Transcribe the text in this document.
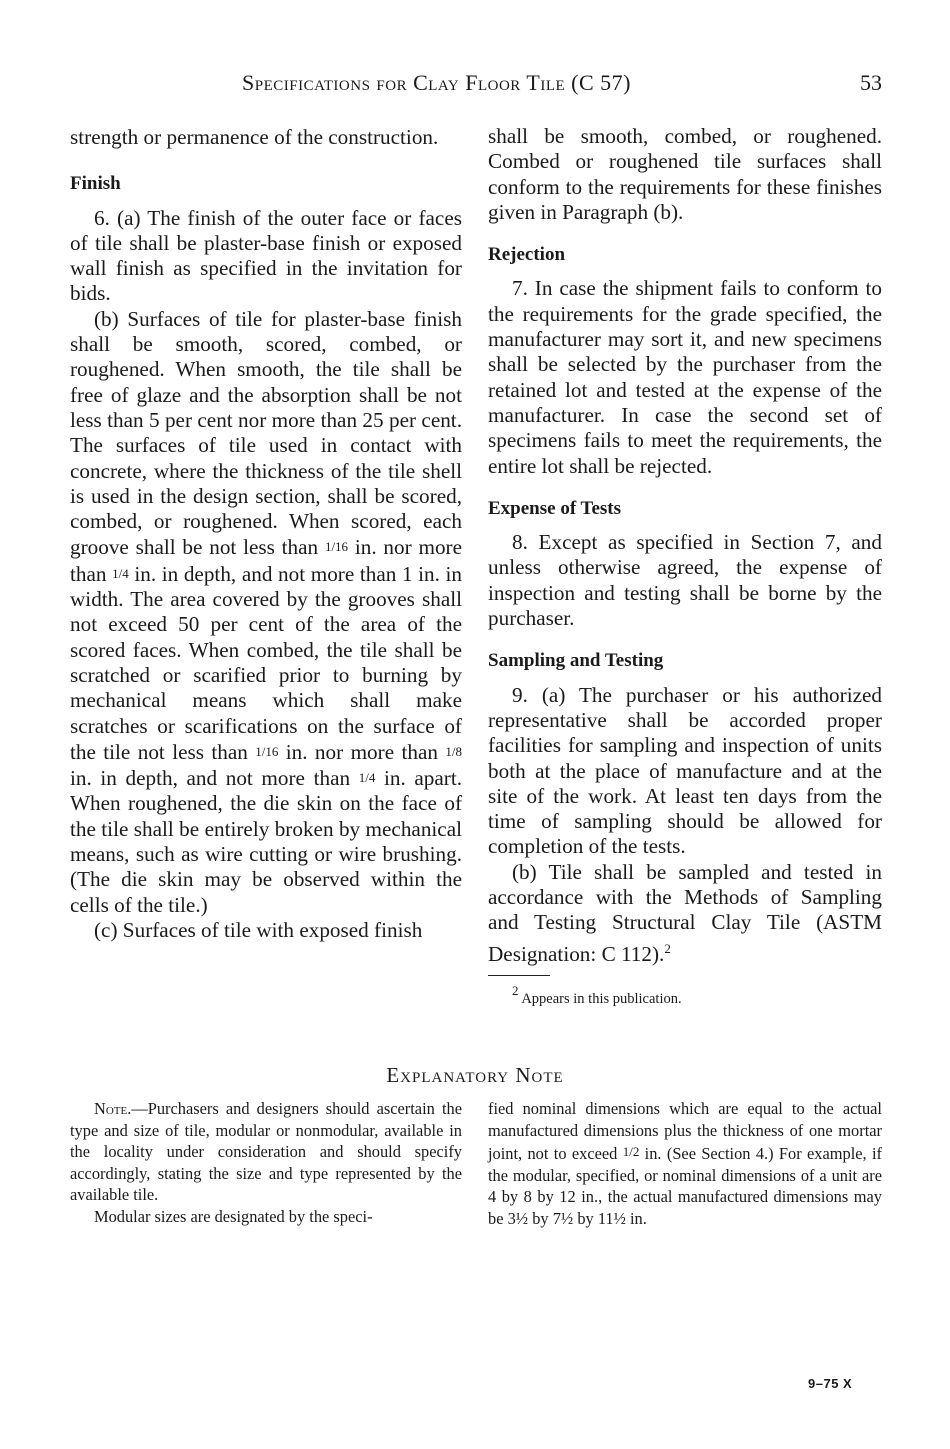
Specifications for Clay Floor Tile (C 57)	53

strength or permanence of the construction.

Finish

6. (a) The finish of the outer face or faces of tile shall be plaster-base finish or exposed wall finish as specified in the invitation for bids.

(b) Surfaces of tile for plaster-base finish shall be smooth, scored, combed, or roughened. When smooth, the tile shall be free of glaze and the absorption shall be not less than 5 per cent nor more than 25 per cent. The surfaces of tile used in contact with concrete, where the thickness of the tile shell is used in the design section, shall be scored, combed, or roughened. When scored, each groove shall be not less than 1/16 in. nor more than 1/4 in. in depth, and not more than 1 in. in width. The area covered by the grooves shall not exceed 50 per cent of the area of the scored faces. When combed, the tile shall be scratched or scarified prior to burning by mechanical means which shall make scratches or scarifications on the surface of the tile not less than 1/16 in. nor more than 1/8 in. in depth, and not more than 1/4 in. apart. When roughened, the die skin on the face of the tile shall be entirely broken by mechanical means, such as wire cutting or wire brushing. (The die skin may be observed within the cells of the tile.)

(c) Surfaces of tile with exposed finish

shall be smooth, combed, or roughened. Combed or roughened tile surfaces shall conform to the requirements for these finishes given in Paragraph (b).

Rejection

7. In case the shipment fails to conform to the requirements for the grade specified, the manufacturer may sort it, and new specimens shall be selected by the purchaser from the retained lot and tested at the expense of the manufacturer. In case the second set of specimens fails to meet the requirements, the entire lot shall be rejected.

Expense of Tests

8. Except as specified in Section 7, and unless otherwise agreed, the expense of inspection and testing shall be borne by the purchaser.

Sampling and Testing

9. (a) The purchaser or his authorized representative shall be accorded proper facilities for sampling and inspection of units both at the place of manufacture and at the site of the work. At least ten days from the time of sampling should be allowed for completion of the tests.

(b) Tile shall be sampled and tested in accordance with the Methods of Sampling and Testing Structural Clay Tile (ASTM Designation: C 112).$^2$

2 Appears in this publication.

Explanatory Note

Note.—Purchasers and designers should ascertain the type and size of tile, modular or nonmodular, available in the locality under consideration and should specify accordingly, stating the size and type represented by the available tile.

Modular sizes are designated by the speci-

fied nominal dimensions which are equal to the actual manufactured dimensions plus the thickness of one mortar joint, not to exceed 1/2 in. (See Section 4.) For example, if the modular, specified, or nominal dimensions of a unit are 4 by 8 by 12 in., the actual manufactured dimensions may be 3½ by 7½ by 11½ in.

9–75 X
